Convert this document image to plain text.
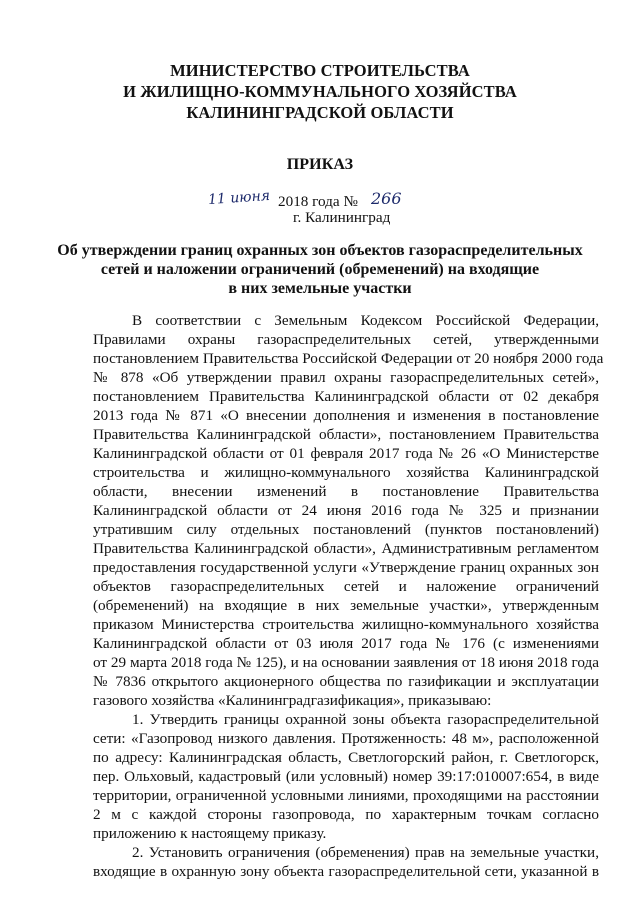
МИНИСТЕРСТВО СТРОИТЕЛЬСТВА
И ЖИЛИЩНО-КОММУНАЛЬНОГО ХОЗЯЙСТВА
КАЛИНИНГРАДСКОЙ ОБЛАСТИ
ПРИКАЗ
11 июня 2018 года № 266
г. Калининград
Об утверждении границ охранных зон объектов газораспределительных
сетей и наложении ограничений (обременений) на входящие
в них земельные участки

В соответствии с Земельным Кодексом Российской Федерации,

Правилами охраны газораспределительных сетей, утвержденными

постановлением Правительства Российской Федерации от 20 ноября 2000 года

№ 878 «Об утверждении правил охраны газораспределительных сетей»,

постановлением Правительства Калининградской области от 02 декабря

2013 года № 871 «О внесении дополнения и изменения в постановление

Правительства Калининградской области», постановлением Правительства

Калининградской области от 01 февраля 2017 года № 26 «О Министерстве

строительства и жилищно-коммунального хозяйства Калининградской

области, внесении изменений в постановление Правительства

Калининградской области от 24 июня 2016 года № 325 и признании

утратившим силу отдельных постановлений (пунктов постановлений)

Правительства Калининградской области», Административным регламентом

предоставления государственной услуги «Утверждение границ охранных зон

объектов газораспределительных сетей и наложение ограничений

(обременений) на входящие в них земельные участки», утвержденным

приказом Министерства строительства жилищно-коммунального хозяйства

Калининградской области от 03 июля 2017 года № 176 (с изменениями

от 29 марта 2018 года № 125), и на основании заявления от 18 июня 2018 года

№ 7836 открытого акционерного общества по газификации и эксплуатации

газового хозяйства «Калининградгазификация», приказываю:

1. Утвердить границы охранной зоны объекта газораспределительной

сети: «Газопровод низкого давления. Протяженность: 48 м», расположенной

по адресу: Калининградская область, Светлогорский район, г. Светлогорск,

пер. Ольховый, кадастровый (или условный) номер 39:17:010007:654, в виде

территории, ограниченной условными линиями, проходящими на расстоянии

2 м с каждой стороны газопровода, по характерным точкам согласно

приложению к настоящему приказу.

2. Установить ограничения (обременения) прав на земельные участки,

входящие в охранную зону объекта газораспределительной сети, указанной в
